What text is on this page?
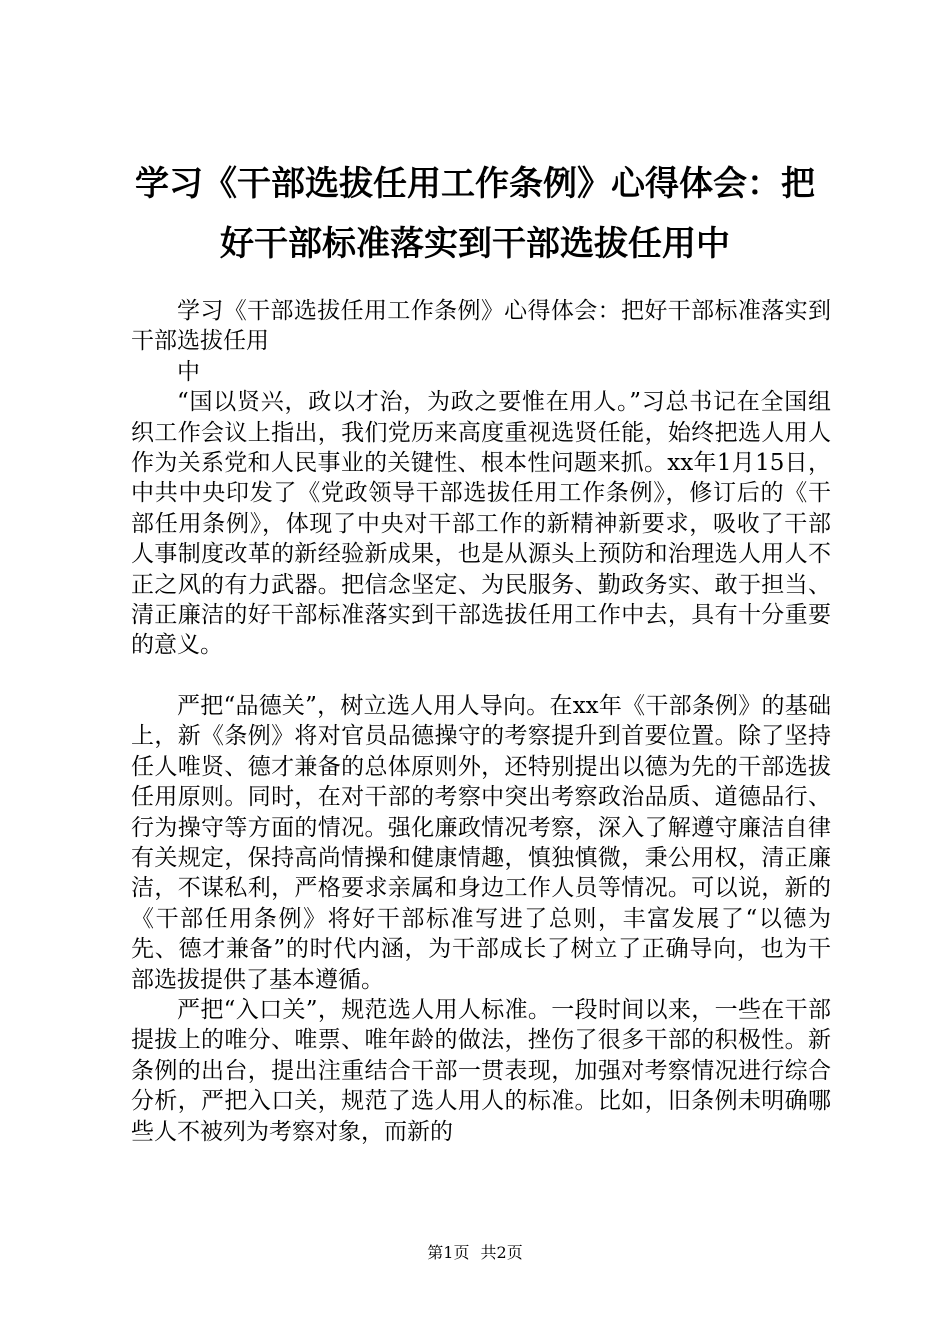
学习《干部选拔任用工作条例》心得体会：把
好干部标准落实到干部选拔任用中

学习《干部选拔任用工作条例》心得体会：把好干部标准落实到干部选拔任用

中

“国以贤兴，政以才治，为政之要惟在用人。”习总书记在全国组织工作会议上指出，我们党历来高度重视选贤任能，始终把选人用人作为关系党和人民事业的关键性、根本性问题来抓。xx年1月15日，中共中央印发了《党政领导干部选拔任用工作条例》，修订后的《干部任用条例》，体现了中央对干部工作的新精神新要求，吸收了干部人事制度改革的新经验新成果，也是从源头上预防和治理选人用人不正之风的有力武器。把信念坚定、为民服务、勤政务实、敢于担当、清正廉洁的好干部标准落实到干部选拔任用工作中去，具有十分重要的意义。

严把“品德关”，树立选人用人导向。在xx年《干部条例》的基础上，新《条例》将对官员品德操守的考察提升到首要位置。除了坚持任人唯贤、德才兼备的总体原则外，还特别提出以德为先的干部选拔任用原则。同时，在对干部的考察中突出考察政治品质、道德品行、行为操守等方面的情况。强化廉政情况考察，深入了解遵守廉洁自律有关规定，保持高尚情操和健康情趣，慎独慎微，秉公用权，清正廉洁，不谋私利，严格要求亲属和身边工作人员等情况。可以说，新的《干部任用条例》将好干部标准写进了总则，丰富发展了“以德为先、德才兼备”的时代内涵，为干部成长了树立了正确导向，也为干部选拔提供了基本遵循。

严把“入口关”，规范选人用人标准。一段时间以来，一些在干部提拔上的唯分、唯票、唯年龄的做法，挫伤了很多干部的积极性。新条例的出台，提出注重结合干部一贯表现，加强对考察情况进行综合分析，严把入口关，规范了选人用人的标准。比如，旧条例未明确哪些人不被列为考察对象，而新的

第1页 共2页
